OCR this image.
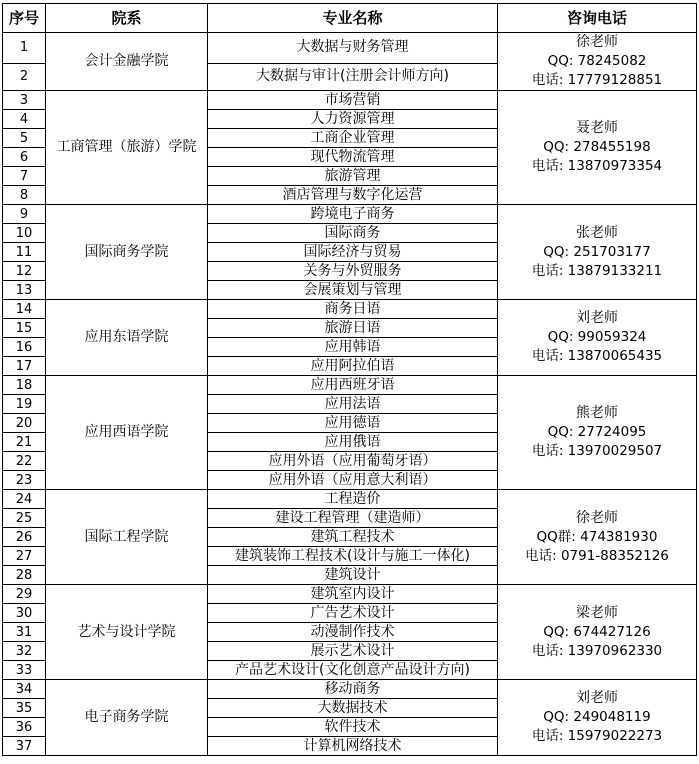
序号	院系	专业名称	咨询电话
1	会计金融学院	大数据与财务管理	徐老师
QQ: 78245082
电话: 17779128851

2		大数据与审计(注册会计师方向)	
3	工商管理（旅游）学院	市场营销	聂老师
QQ: 278455198
电话: 13870973354

4		人力资源管理	
5		工商企业管理	
6		现代物流管理	
7		旅游管理	
8		酒店管理与数字化运营	
9	国际商务学院	跨境电子商务	张老师
QQ: 251703177
电话: 13879133211

10		国际商务	
11		国际经济与贸易	
12		关务与外贸服务	
13		会展策划与管理	
14	应用东语学院	商务日语	刘老师
QQ: 99059324
电话: 13870065435

15		旅游日语	
16		应用韩语	
17		应用阿拉伯语	
18	应用西语学院	应用西班牙语	熊老师
QQ: 27724095
电话: 13970029507

19		应用法语	
20		应用德语	
21		应用俄语	
22		应用外语（应用葡萄牙语）	
23		应用外语（应用意大利语）	
24	国际工程学院	工程造价	徐老师
QQ群: 474381930
电话: 0791-88352126

25		建设工程管理（建造师）	
26		建筑工程技术	
27		建筑装饰工程技术(设计与施工一体化)	
28		建筑设计	
29	艺术与设计学院	建筑室内设计	梁老师
QQ: 674427126
电话: 13970962330

30		广告艺术设计	
31		动漫制作技术	
32		展示艺术设计	
33		产品艺术设计(文化创意产品设计方向)	
34	电子商务学院	移动商务	刘老师
QQ: 249048119
电话: 15979022273

35		大数据技术	
36		软件技术	
37		计算机网络技术	
